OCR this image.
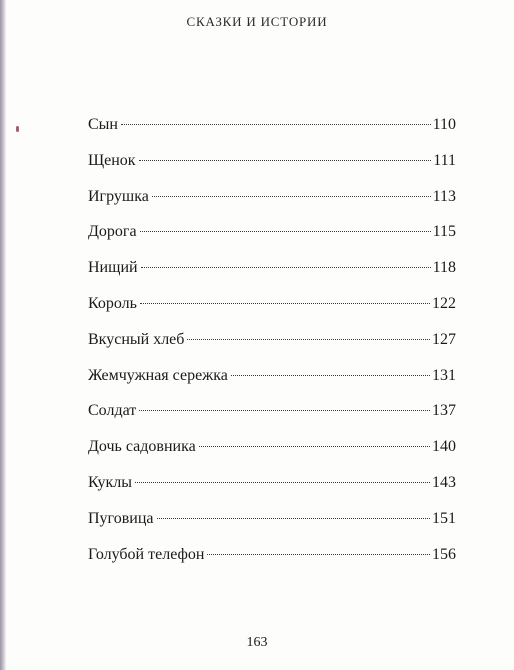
СКАЗКИ И ИСТОРИИ
Сын	110
Щенок	111
Игрушка	113
Дорога	115
Нищий	118
Король	122
Вкусный хлеб	127
Жемчужная сережка	131
Солдат	137
Дочь садовника	140
Куклы	143
Пуговица	151
Голубой телефон	156
163
